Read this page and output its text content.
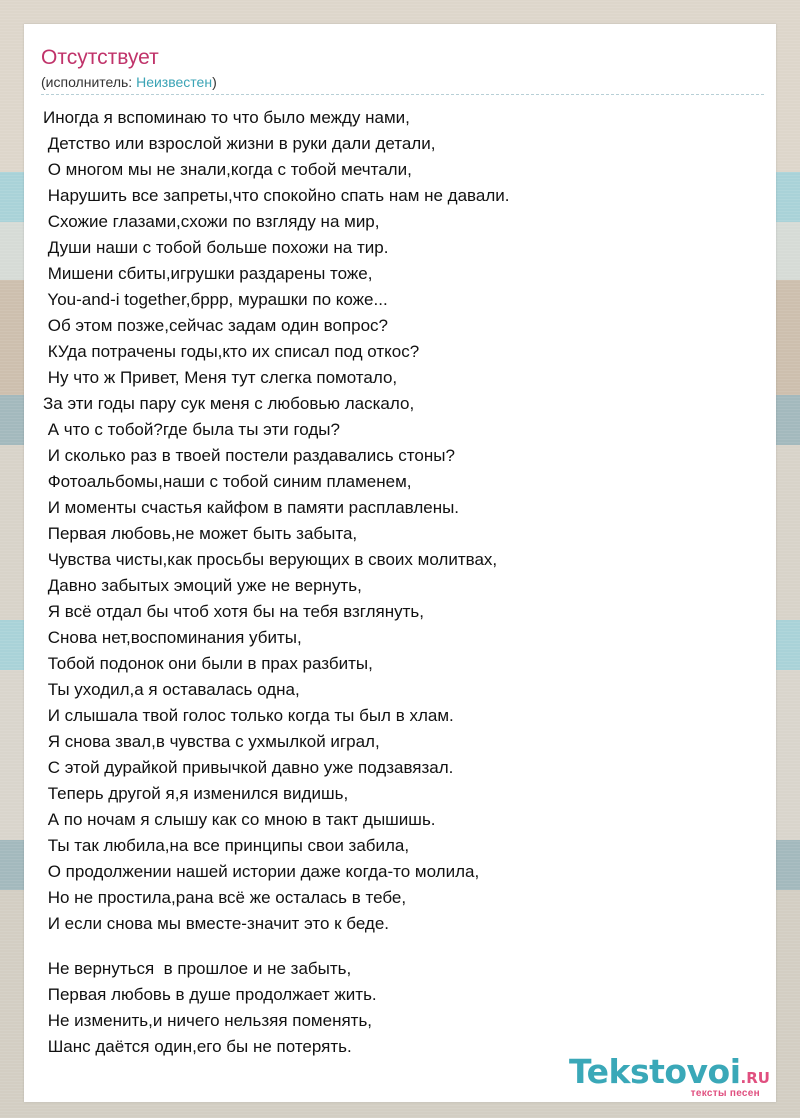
Отсутствует
(исполнитель: Неизвестен)
Иногда я вспоминаю то что было между нами,
Детство или взрослой жизни в руки дали детали,
О многом мы не знали,когда с тобой мечтали,
Нарушить все запреты,что спокойно спать нам не давали.
Схожие глазами,схожи по взгляду на мир,
Души наши с тобой больше похожи на тир.
Мишени сбиты,игрушки раздарены тоже,
You-and-i together,бррр, мурашки по коже...
Об этом позже,сейчас задам один вопрос?
КУда потрачены годы,кто их списал под откос?
Ну что ж Привет, Меня тут слегка помотало,
За эти годы пару сук меня с любовью ласкало,
А что с тобой?где была ты эти годы?
И сколько раз в твоей постели раздавались стоны?
Фотоальбомы,наши с тобой синим пламенем,
И моменты счастья кайфом в памяти расплавлены.
Первая любовь,не может быть забыта,
Чувства чисты,как просьбы верующих в своих молитвах,
Давно забытых эмоций уже не вернуть,
Я всё отдал бы чтоб хотя бы на тебя взглянуть,
Снова нет,воспоминания убиты,
Тобой подонок они были в прах разбиты,
Ты уходил,а я оставалась одна,
И слышала твой голос только когда ты был в хлам.
Я снова звал,в чувства с ухмылкой играл,
С этой дурайкой привычкой давно уже подзавязал.
Теперь другой я,я изменился видишь,
А по ночам я слышу как со мною в такт дышишь.
Ты так любила,на все принципы свои забила,
О продолжении нашей истории даже когда-то молила,
Но не простила,рана всё же осталась в тебе,
И если снова мы вместе-значит это к беде.
Не вернуться  в прошлое и не забыть,
Первая любовь в душе продолжает жить.
Не изменить,и ничего нельзяя поменять,
Шанс даётся один,его бы не потерять.
Tekstovoi.RU
тексты песен
